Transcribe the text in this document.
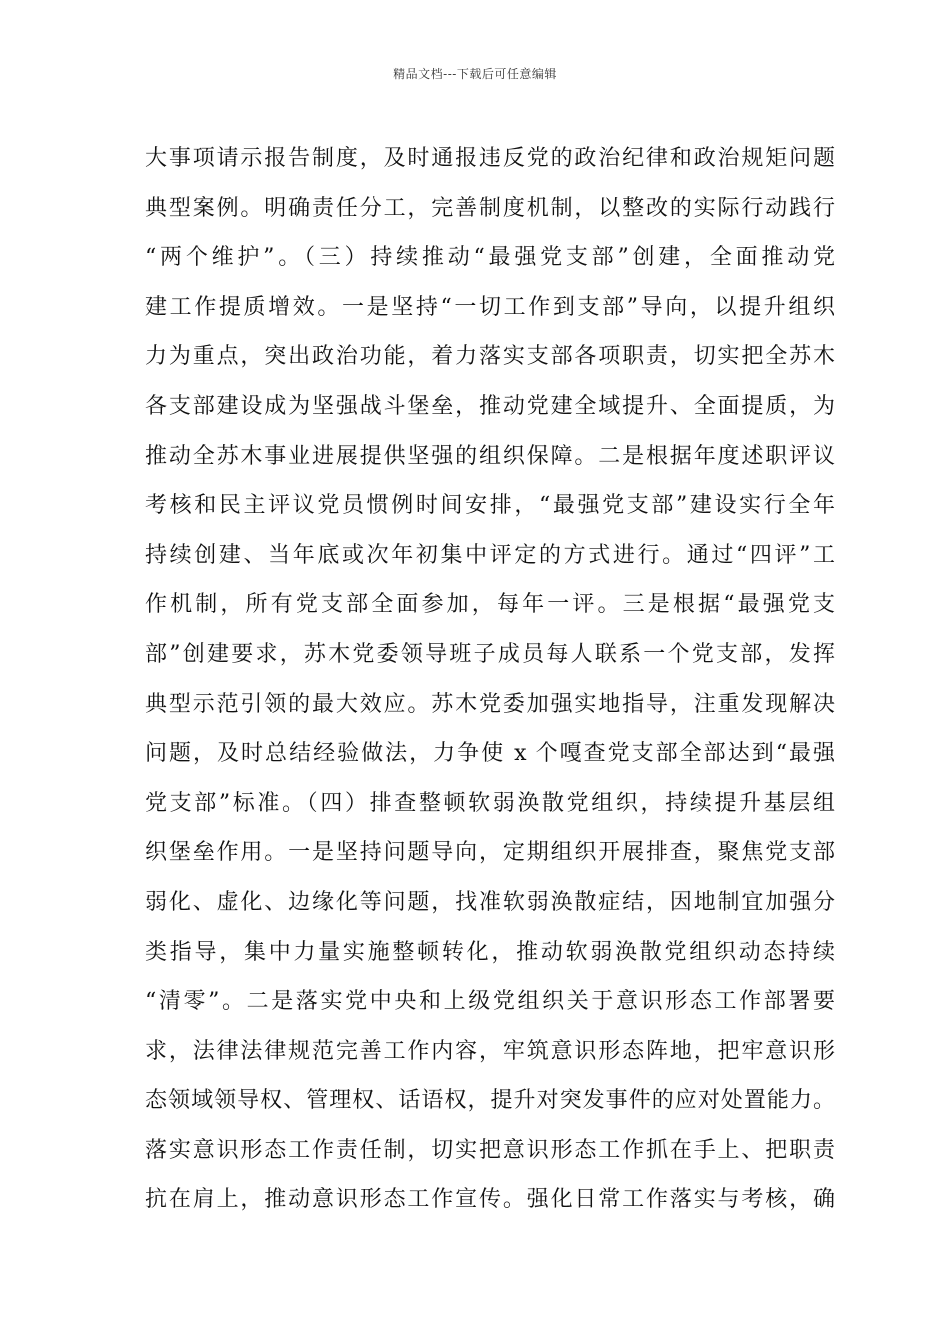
精品文档---下载后可任意编辑
大事项请示报告制度，及时通报违反党的政治纪律和政治规矩问题
典型案例。明确责任分工，完善制度机制，以整改的实际行动践行
“两个维护”。（三）持续推动“最强党支部”创建，全面推动党
建工作提质增效。一是坚持“一切工作到支部”导向，以提升组织
力为重点，突出政治功能，着力落实支部各项职责，切实把全苏木
各支部建设成为坚强战斗堡垒，推动党建全域提升、全面提质，为
推动全苏木事业进展提供坚强的组织保障。二是根据年度述职评议
考核和民主评议党员惯例时间安排，“最强党支部”建设实行全年
持续创建、当年底或次年初集中评定的方式进行。通过“四评”工
作机制，所有党支部全面参加，每年一评。三是根据“最强党支
部”创建要求，苏木党委领导班子成员每人联系一个党支部，发挥
典型示范引领的最大效应。苏木党委加强实地指导，注重发现解决
问题，及时总结经验做法，力争使 x 个嘎查党支部全部达到“最强
党支部”标准。（四）排查整顿软弱涣散党组织，持续提升基层组
织堡垒作用。一是坚持问题导向，定期组织开展排查，聚焦党支部
弱化、虚化、边缘化等问题，找准软弱涣散症结，因地制宜加强分
类指导，集中力量实施整顿转化，推动软弱涣散党组织动态持续
“清零”。二是落实党中央和上级党组织关于意识形态工作部署要
求，法律法律规范完善工作内容，牢筑意识形态阵地，把牢意识形
态领域领导权、管理权、话语权，提升对突发事件的应对处置能力。
落实意识形态工作责任制，切实把意识形态工作抓在手上、把职责
抗在肩上，推动意识形态工作宣传。强化日常工作落实与考核，确
